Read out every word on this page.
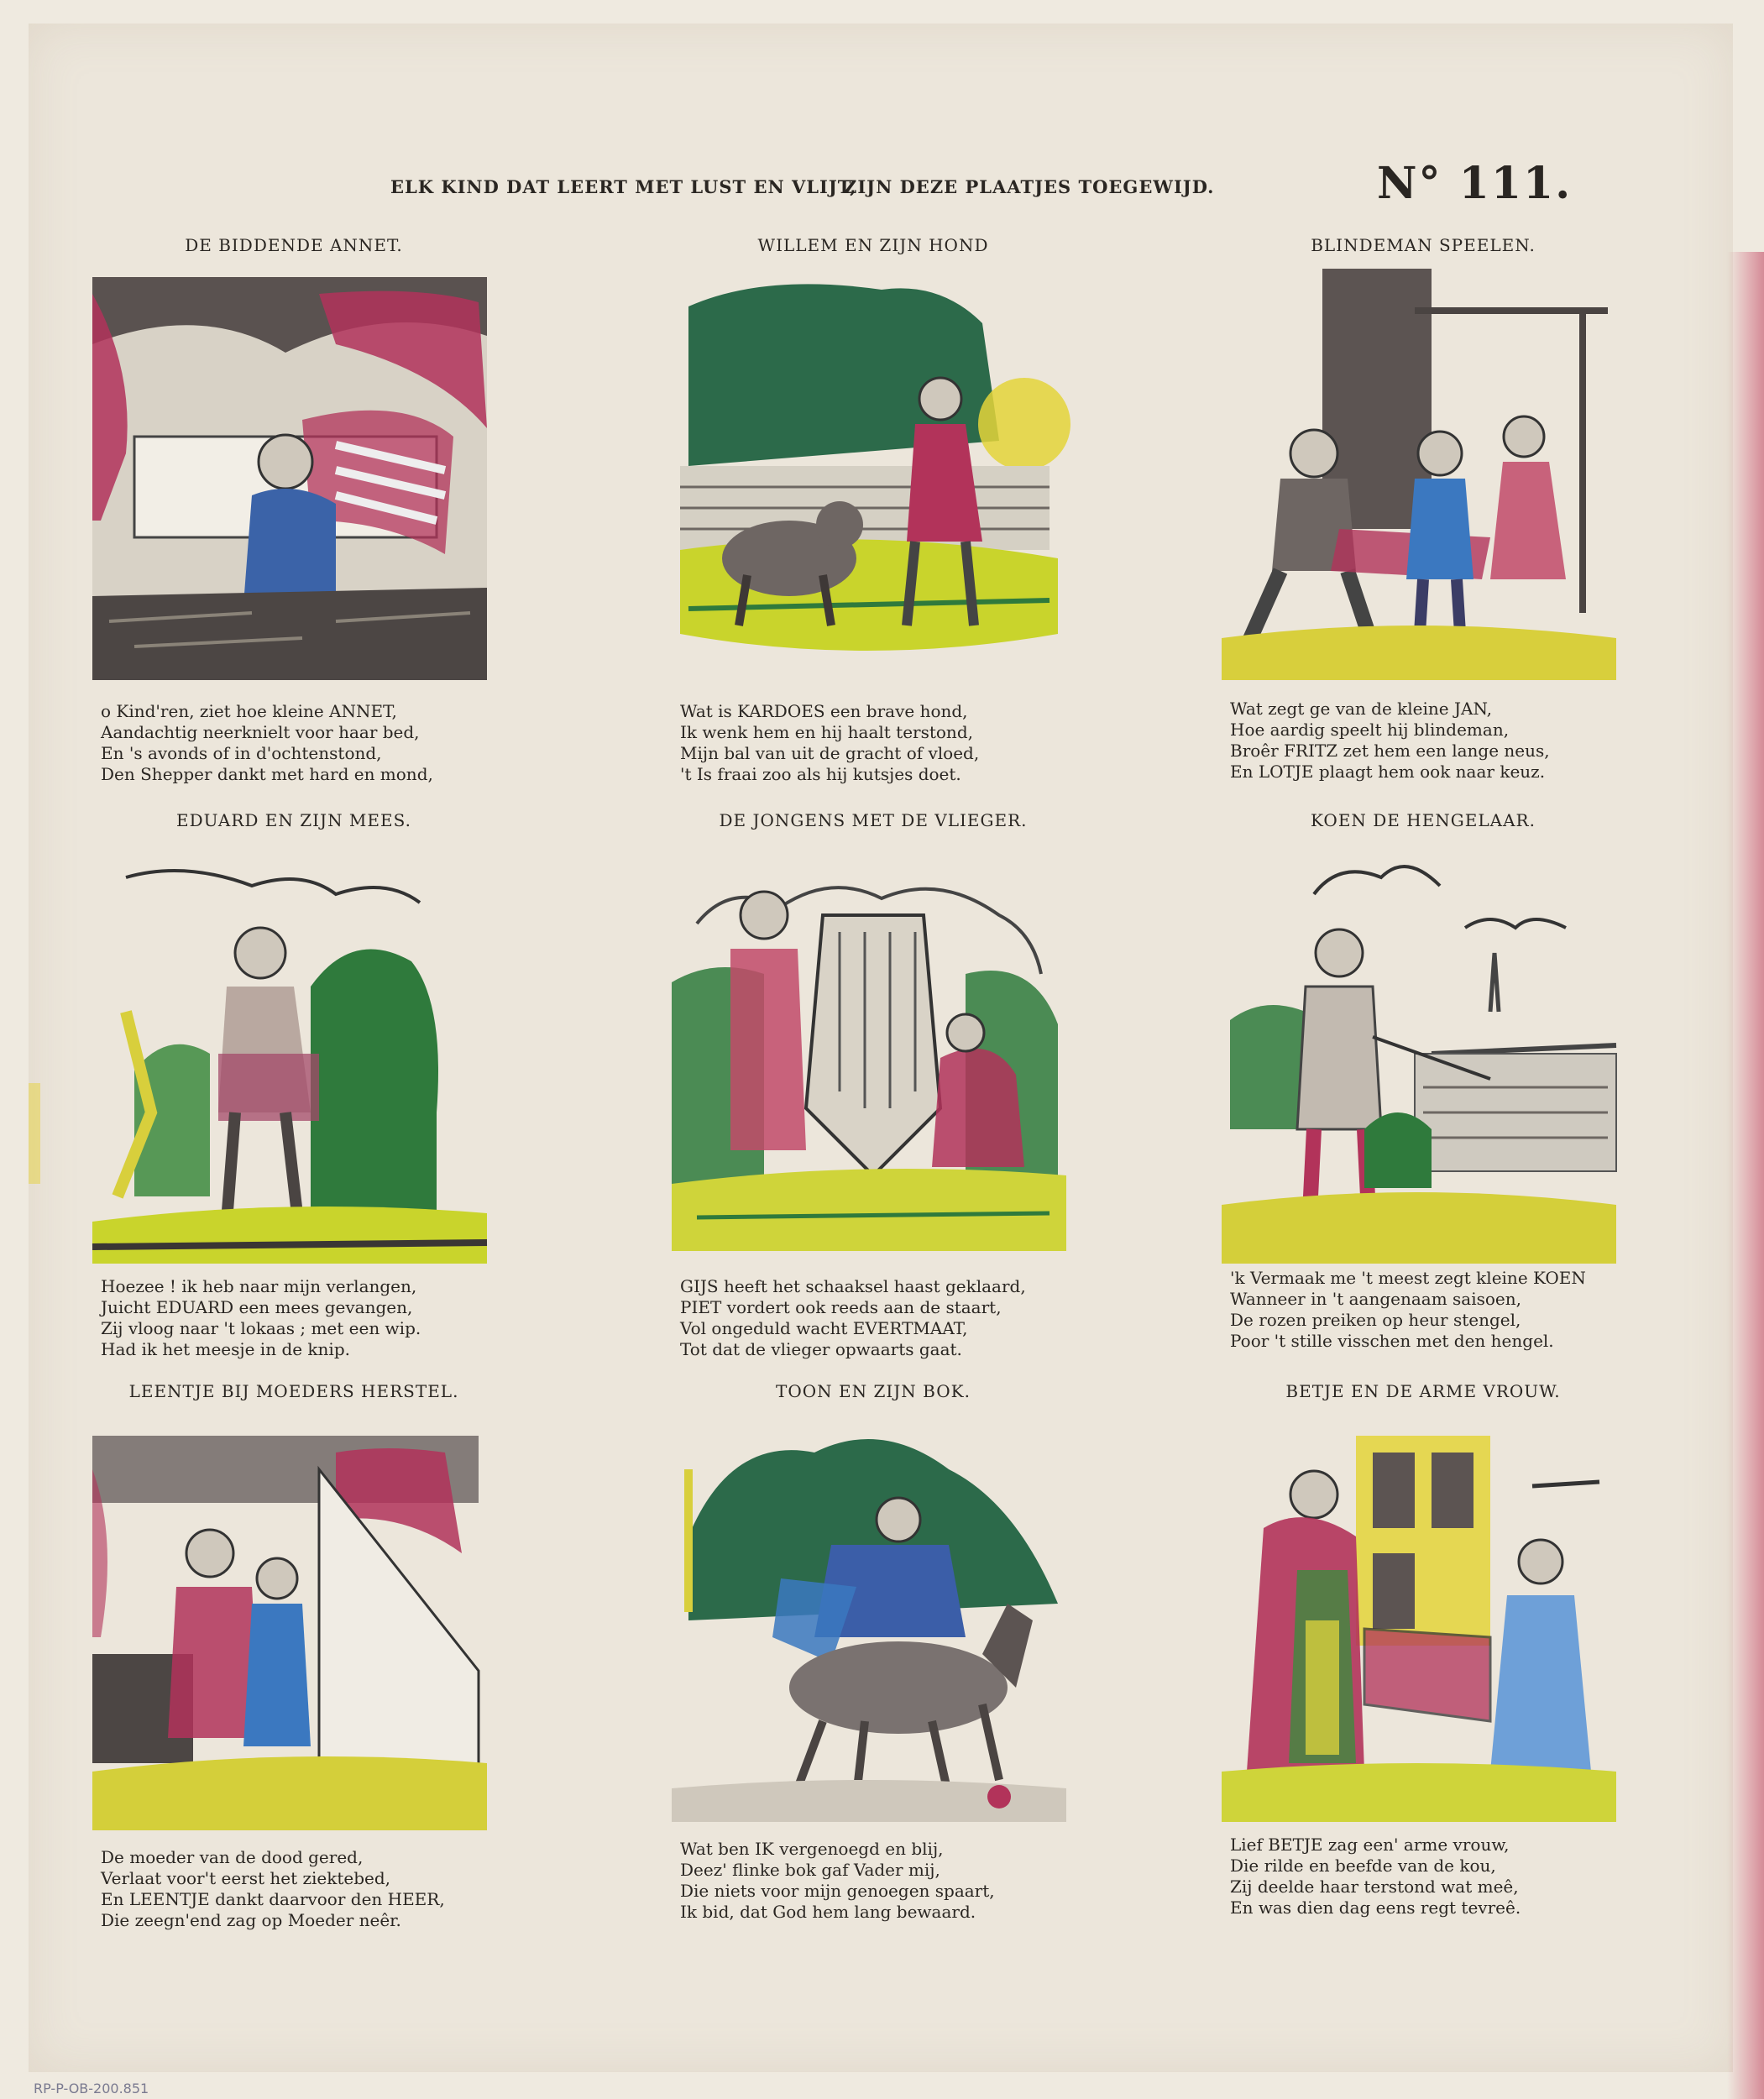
ELK KIND DAT LEERT MET LUST EN VLIJT,
ZIJN DEZE PLAATJES TOEGEWIJD.	N° 111.
DE BIDDENDE ANNET.
o Kind'ren, ziet hoe kleine ANNET,
Aandachtig neerknielt voor haar bed,
En 's avonds of in d'ochtenstond,
Den Shepper dankt met hard en mond,
WILLEM EN ZIJN HOND
Wat is KARDOES een brave hond,
Ik wenk hem en hij haalt terstond,
Mijn bal van uit de gracht of vloed,
't Is fraai zoo als hij kutsjes doet.
BLINDEMAN SPEELEN.
Wat zegt ge van de kleine JAN,
Hoe aardig speelt hij blindeman,
Broêr FRITZ zet hem een lange neus,
En LOTJE plaagt hem ook naar keuz.
EDUARD EN ZIJN MEES.
Hoezee ! ik heb naar mijn verlangen,
Juicht EDUARD een mees gevangen,
Zij vloog naar 't lokaas ; met een wip.
Had ik het meesje in de knip.
DE JONGENS MET DE VLIEGER.
GIJS heeft het schaaksel haast geklaard,
PIET vordert ook reeds aan de staart,
Vol ongeduld wacht EVERTMAAT,
Tot dat de vlieger opwaarts gaat.
KOEN DE HENGELAAR.
'k Vermaak me 't meest zegt kleine KOEN
Wanneer in 't aangenaam saisoen,
De rozen preiken op heur stengel,
Poor 't stille visschen met den hengel.
LEENTJE BIJ MOEDERS HERSTEL.
De moeder van de dood gered,
Verlaat voor't eerst het ziektebed,
En LEENTJE dankt daarvoor den HEER,
Die zeegn'end zag op Moeder neêr.
TOON EN ZIJN BOK.
Wat ben IK vergenoegd en blij,
Deez' flinke bok gaf Vader mij,
Die niets voor mijn genoegen spaart,
Ik bid, dat God hem lang bewaard.
BETJE EN DE ARME VROUW.
Lief BETJE zag een' arme vrouw,
Die rilde en beefde van de kou,
Zij deelde haar terstond wat meê,
En was dien dag eens regt tevreê.
RP-P-OB-200.851
